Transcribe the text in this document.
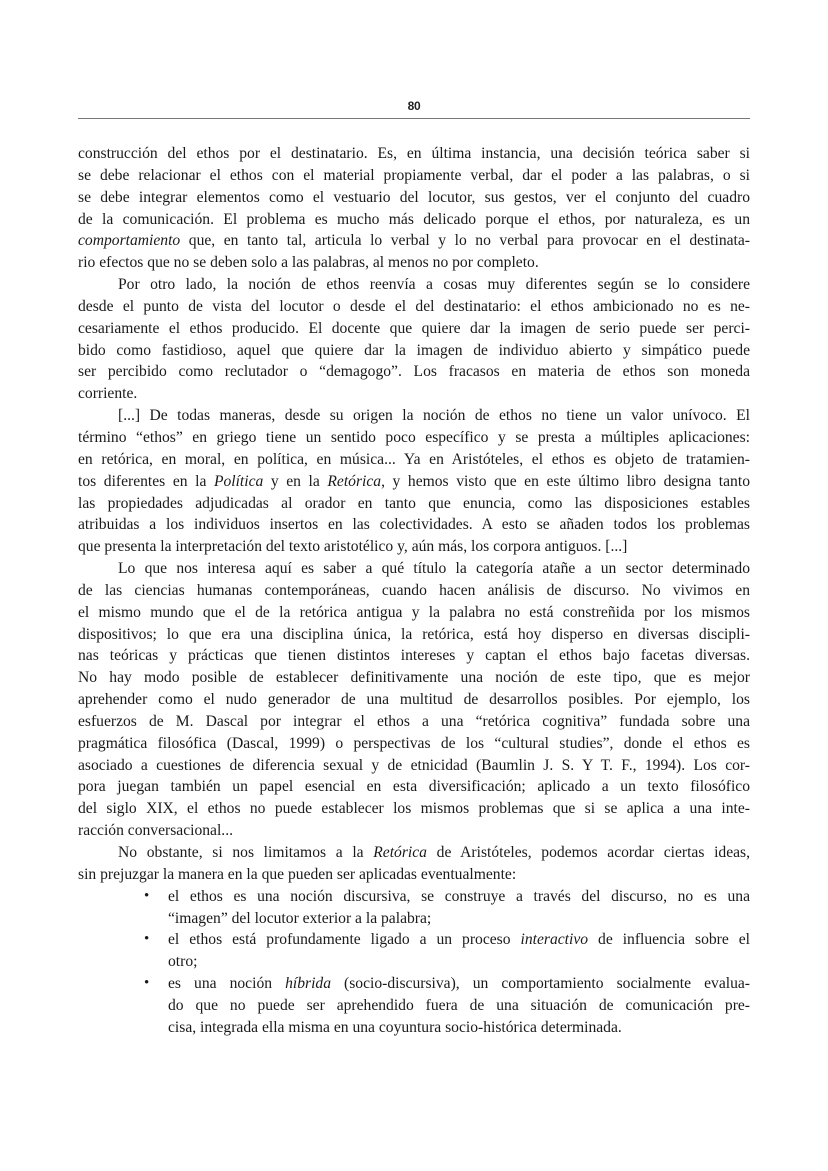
80
construcción del ethos por el destinatario. Es, en última instancia, una decisión teórica saber si
se debe relacionar el ethos con el material propiamente verbal, dar el poder a las palabras, o si
se debe integrar elementos como el vestuario del locutor, sus gestos, ver el conjunto del cuadro
de la comunicación. El problema es mucho más delicado porque el ethos, por naturaleza, es un
comportamiento que, en tanto tal, articula lo verbal y lo no verbal para provocar en el destinata-
rio efectos que no se deben solo a las palabras, al menos no por completo.
Por otro lado, la noción de ethos reenvía a cosas muy diferentes según se lo considere
desde el punto de vista del locutor o desde el del destinatario: el ethos ambicionado no es ne-
cesariamente el ethos producido. El docente que quiere dar la imagen de serio puede ser perci-
bido como fastidioso, aquel que quiere dar la imagen de individuo abierto y simpático puede
ser percibido como reclutador o “demagogo”. Los fracasos en materia de ethos son moneda
corriente.
[...] De todas maneras, desde su origen la noción de ethos no tiene un valor unívoco. El
término “ethos” en griego tiene un sentido poco específico y se presta a múltiples aplicaciones:
en retórica, en moral, en política, en música... Ya en Aristóteles, el ethos es objeto de tratamien-
tos diferentes en la Política y en la Retórica, y hemos visto que en este último libro designa tanto
las propiedades adjudicadas al orador en tanto que enuncia, como las disposiciones estables
atribuidas a los individuos insertos en las colectividades. A esto se añaden todos los problemas
que presenta la interpretación del texto aristotélico y, aún más, los corpora antiguos. [...]
Lo que nos interesa aquí es saber a qué título la categoría atañe a un sector determinado
de las ciencias humanas contemporáneas, cuando hacen análisis de discurso. No vivimos en
el mismo mundo que el de la retórica antigua y la palabra no está constreñida por los mismos
dispositivos; lo que era una disciplina única, la retórica, está hoy disperso en diversas discipli-
nas teóricas y prácticas que tienen distintos intereses y captan el ethos bajo facetas diversas.
No hay modo posible de establecer definitivamente una noción de este tipo, que es mejor
aprehender como el nudo generador de una multitud de desarrollos posibles. Por ejemplo, los
esfuerzos de M. Dascal por integrar el ethos a una “retórica cognitiva” fundada sobre una
pragmática filosófica (Dascal, 1999) o perspectivas de los “cultural studies”, donde el ethos es
asociado a cuestiones de diferencia sexual y de etnicidad (Baumlin J. S. Y T. F., 1994). Los cor-
pora juegan también un papel esencial en esta diversificación; aplicado a un texto filosófico
del siglo XIX, el ethos no puede establecer los mismos problemas que si se aplica a una inte-
racción conversacional...
No obstante, si nos limitamos a la Retórica de Aristóteles, podemos acordar ciertas ideas,
sin prejuzgar la manera en la que pueden ser aplicadas eventualmente:
• el ethos es una noción discursiva, se construye a través del discurso, no es una
“imagen” del locutor exterior a la palabra;
• el ethos está profundamente ligado a un proceso interactivo de influencia sobre el
otro;
• es una noción híbrida (socio-discursiva), un comportamiento socialmente evalua-
do que no puede ser aprehendido fuera de una situación de comunicación pre-
cisa, integrada ella misma en una coyuntura socio-histórica determinada.
